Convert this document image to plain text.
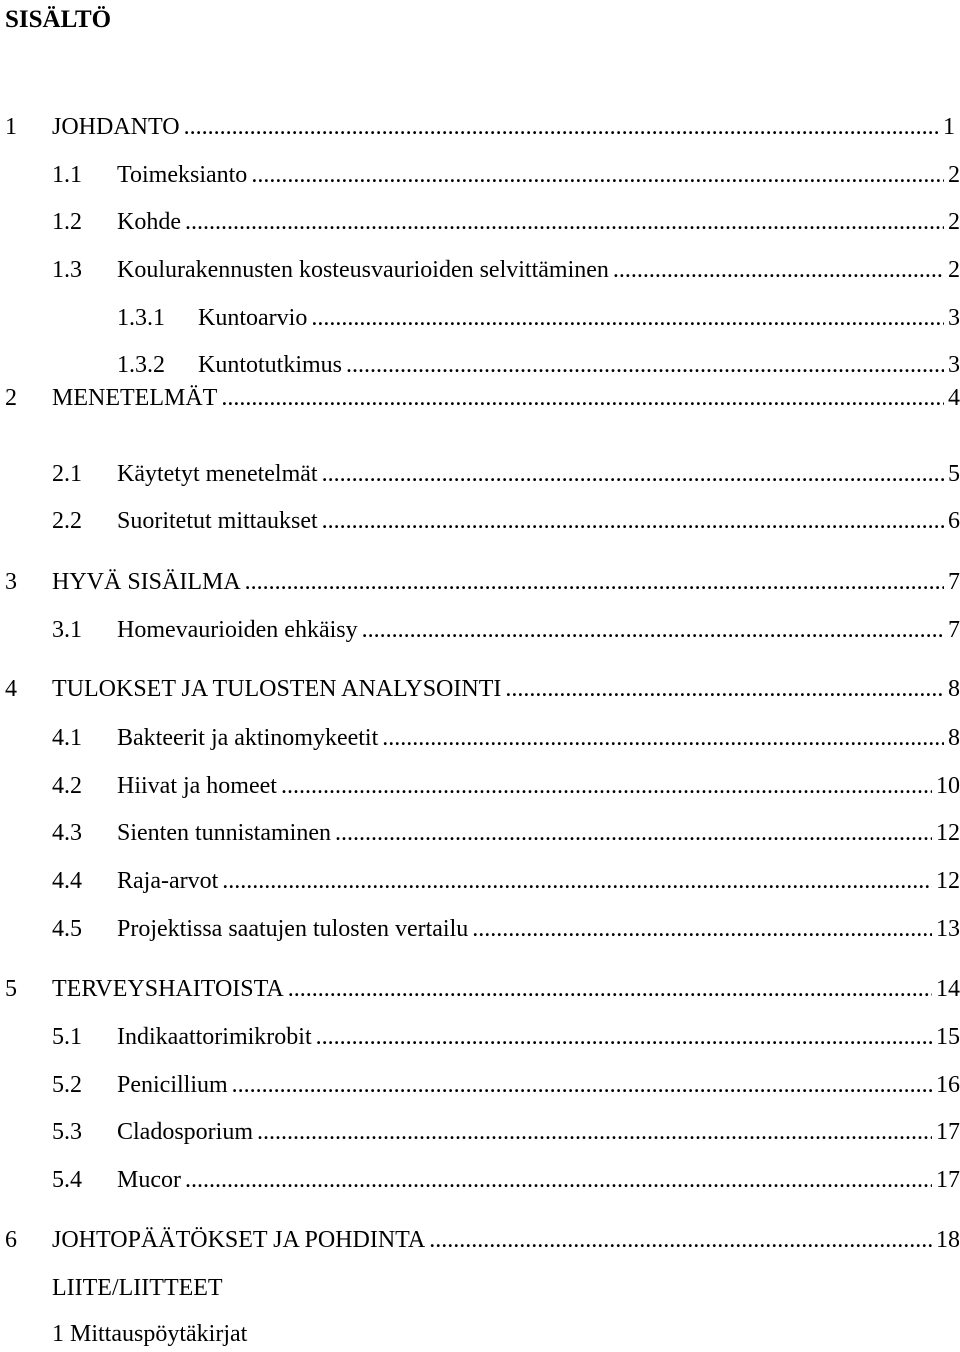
SISÄLTÖ
1 JOHDANTO .....	1
1.1 Toimeksianto .....	2
1.2 Kohde .....	2
1.3 Koulurakennusten kosteusvaurioiden selvittäminen .....	2
1.3.1 Kuntoarvio .....	3
1.3.2 Kuntotutkimus .....	3
2 MENETELMÄT .....	4
2.1 Käytetyt menetelmät .....	5
2.2 Suoritetut mittaukset .....	6
3 HYVÄ SISÄILMA .....	7
3.1 Homevaurioiden ehkäisy .....	7
4 TULOKSET JA TULOSTEN ANALYSOINTI .....	8
4.1 Bakteerit ja aktinomykeetit .....	8
4.2 Hiivat ja homeet .....	10
4.3 Sienten tunnistaminen .....	12
4.4 Raja-arvot .....	12
4.5 Projektissa saatujen tulosten vertailu .....	13
5 TERVEYSHAITOISTA .....	14
5.1 Indikaattorimikrobit .....	15
5.2 Penicillium .....	16
5.3 Cladosporium .....	17
5.4 Mucor .....	17
6 JOHTOPÄÄTÖKSET JA POHDINTA .....	18
LIITE/LIITTEET
1 Mittauspöytäkirjat
